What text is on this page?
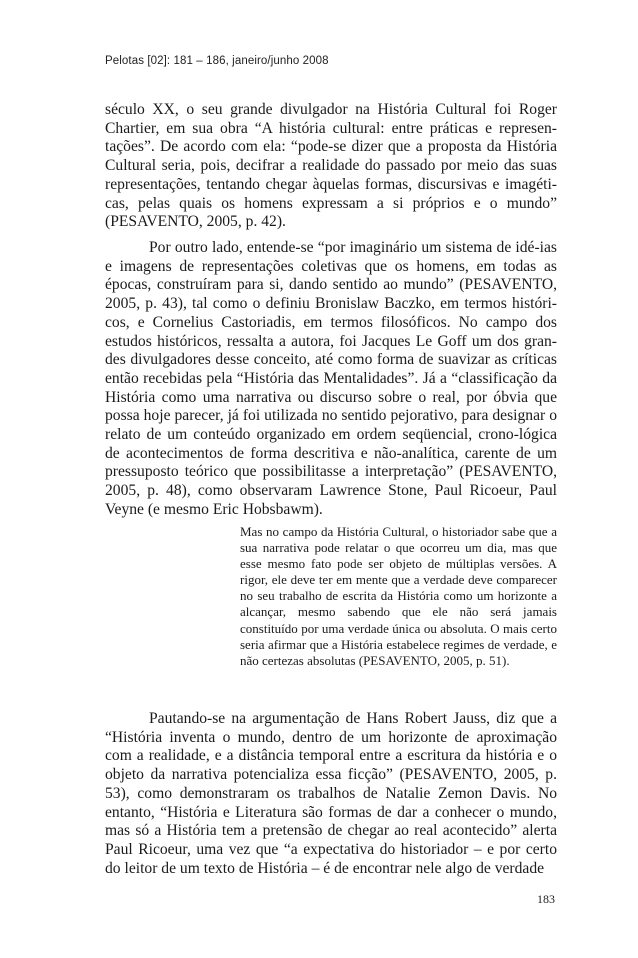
Pelotas [02]: 181 – 186, janeiro/junho 2008

século XX, o seu grande divulgador na História Cultural foi Roger Chartier, em sua obra “A história cultural: entre práticas e represen-tações”. De acordo com ela: “pode-se dizer que a proposta da História Cultural seria, pois, decifrar a realidade do passado por meio das suas representações, tentando chegar àquelas formas, discursivas e imagéti-cas, pelas quais os homens expressam a si próprios e o mundo” (PESAVENTO, 2005, p. 42).

Por outro lado, entende-se “por imaginário um sistema de idé-ias e imagens de representações coletivas que os homens, em todas as épocas, construíram para si, dando sentido ao mundo” (PESAVENTO, 2005, p. 43), tal como o definiu Bronislaw Baczko, em termos históri-cos, e Cornelius Castoriadis, em termos filosóficos. No campo dos estudos históricos, ressalta a autora, foi Jacques Le Goff um dos gran-des divulgadores desse conceito, até como forma de suavizar as críticas então recebidas pela “História das Mentalidades”. Já a “classificação da História como uma narrativa ou discurso sobre o real, por óbvia que possa hoje parecer, já foi utilizada no sentido pejorativo, para designar o relato de um conteúdo organizado em ordem seqüencial, crono-lógica de acontecimentos de forma descritiva e não-analítica, carente de um pressuposto teórico que possibilitasse a interpretação” (PESAVENTO, 2005, p. 48), como observaram Lawrence Stone, Paul Ricoeur, Paul Veyne (e mesmo Eric Hobsbawm).

Mas no campo da História Cultural, o historiador sabe que a sua narrativa pode relatar o que ocorreu um dia, mas que esse mesmo fato pode ser objeto de múltiplas versões. A rigor, ele deve ter em mente que a verdade deve comparecer no seu trabalho de escrita da História como um horizonte a alcançar, mesmo sabendo que ele não será jamais constituído por uma verdade única ou absoluta. O mais certo seria afirmar que a História estabelece regimes de verdade, e não certezas absolutas (PESAVENTO, 2005, p. 51).

Pautando-se na argumentação de Hans Robert Jauss, diz que a “História inventa o mundo, dentro de um horizonte de aproximação com a realidade, e a distância temporal entre a escritura da história e o objeto da narrativa potencializa essa ficção” (PESAVENTO, 2005, p. 53), como demonstraram os trabalhos de Natalie Zemon Davis. No entanto, “História e Literatura são formas de dar a conhecer o mundo, mas só a História tem a pretensão de chegar ao real acontecido” alerta Paul Ricoeur, uma vez que “a expectativa do historiador – e por certo do leitor de um texto de História – é de encontrar nele algo de verdade

183
